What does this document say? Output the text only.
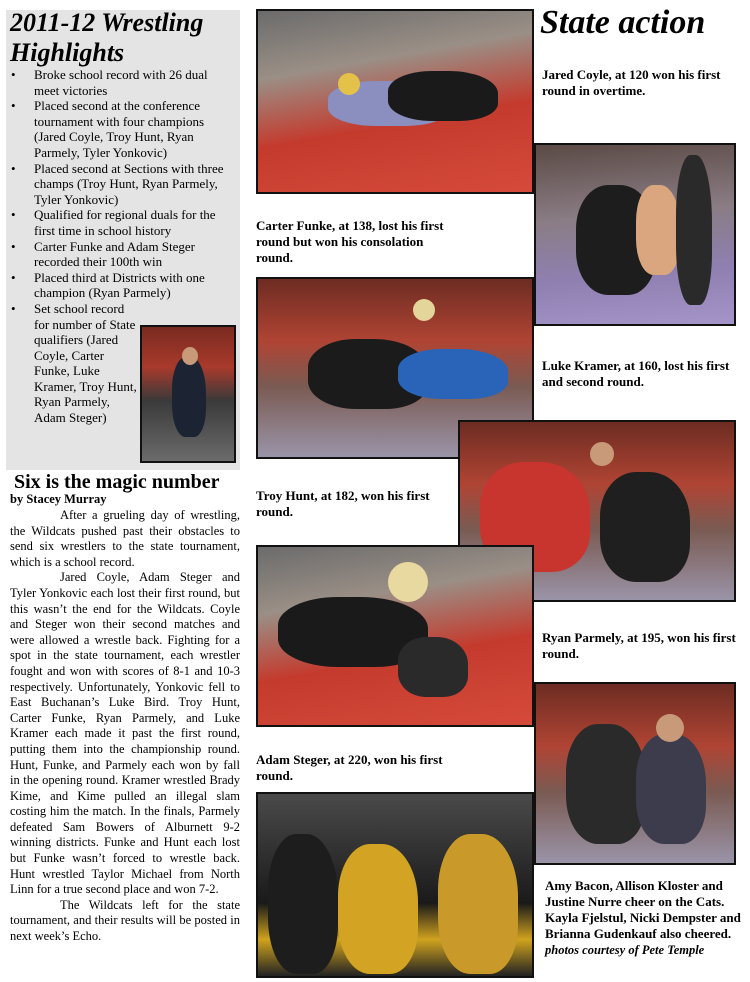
2011-12 Wrestling Highlights
• Broke school record with 26 dual meet victories
• Placed second at the conference tournament with four champions (Jared Coyle, Troy Hunt, Ryan Parmely, Tyler Yonkovic)
• Placed second at Sections with three champs (Troy Hunt, Ryan Parmely, Tyler Yonkovic)
• Qualified for regional duals for the first time in school history
• Carter Funke and Adam Steger recorded their 100th win
• Placed third at Districts with one champion (Ryan Parmely)
• Set school record for number of State qualifiers (Jared Coyle, Carter Funke, Luke Kramer, Troy Hunt, Ryan Parmely, Adam Steger)
Six is the magic number
by Stacey Murray

After a grueling day of wrestling, the Wildcats pushed past their obstacles to send six wrestlers to the state tournament, which is a school record.

Jared Coyle, Adam Steger and Tyler Yonkovic each lost their first round, but this wasn’t the end for the Wildcats. Coyle and Steger won their second matches and were allowed a wrestle back. Fighting for a spot in the state tournament, each wrestler fought and won with scores of 8-1 and 10-3 respectively. Unfortunately, Yonkovic fell to East Buchanan’s Luke Bird. Troy Hunt, Carter Funke, Ryan Parmely, and Luke Kramer each made it past the first round, putting them into the championship round. Hunt, Funke, and Parmely each won by fall in the opening round. Kramer wrestled Brady Kime, and Kime pulled an illegal slam costing him the match. In the finals, Parmely defeated Sam Bowers of Alburnett 9-2 winning districts. Funke and Hunt each lost but Funke wasn’t forced to wrestle back. Hunt wrestled Taylor Michael from North Linn for a true second place and won 7-2.

The Wildcats left for the state tournament, and their results will be posted in next week’s Echo.

State action
Jared Coyle, at 120 won his first round in overtime.
Carter Funke, at 138, lost his first round but won his consolation round.
Luke Kramer, at 160, lost his first and second round.
Troy Hunt, at 182, won his first round.
Ryan Parmely, at 195, won his first round.
Adam Steger, at 220, won his first round.
Amy Bacon, Allison Kloster and Justine Nurre cheer on the Cats. Kayla Fjelstul, Nicki Dempster and Brianna Gudenkauf also cheered.
photos courtesy of Pete Temple
